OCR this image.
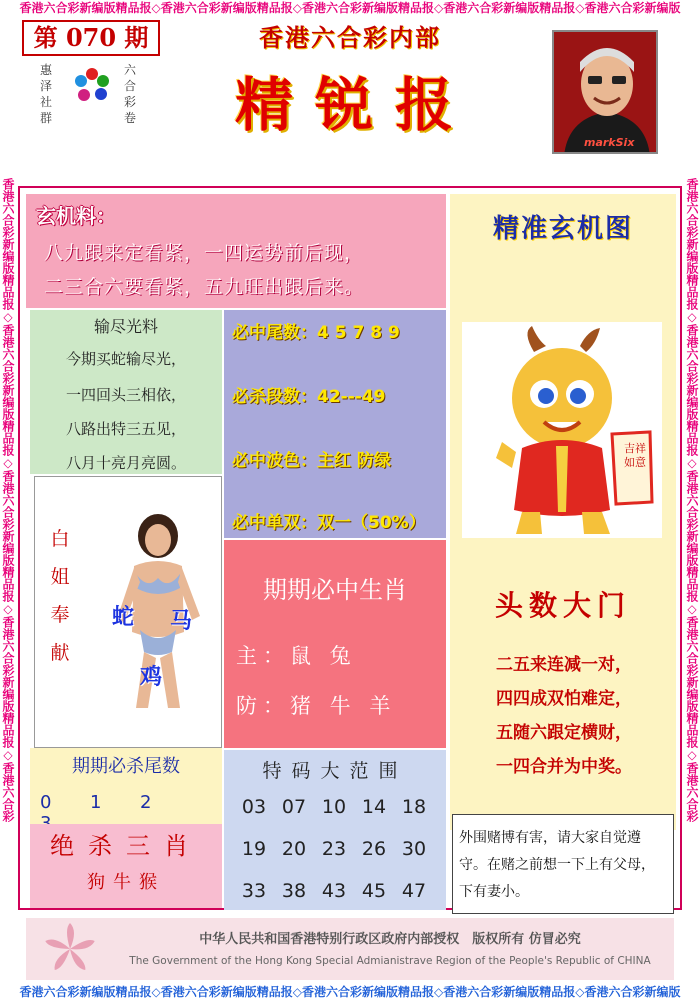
香港六合彩新编版精品报◇香港六合彩新编版精品报◇香港六合彩新编版精品报◇香港六合彩新编版精品报◇香港六合彩新编版
香港六合彩新编版精品报◇香港六合彩新编版精品报◇香港六合彩新编版精品报◇香港六合彩新编版精品报◇香港六合彩新编版
香港六合彩新编版精品报◇香港六合彩新编版精品报◇香港六合彩新编版精品报◇香港六合彩新编版精品报◇香港六合彩	香港六合彩新编版精品报◇香港六合彩新编版精品报◇香港六合彩新编版精品报◇香港六合彩新编版精品报◇香港六合彩
第 070 期
惠泽社群
六合彩卷
香港六合彩内部
精锐报
markSix
玄机料：
八九跟来定看紧，一四运势前后现，
二三合六要看紧，五九旺出跟后来。
输尽光料
今期买蛇输尽光，
一四回头三相依，
八路出特三五见，
八月十亮月亮圆。
必中尾数：4 5 7 8 9
必杀段数：42---49
必中波色：主红 防绿
必中单双：双一（50%）
白
姐
奉
献
蛇 马
鸡
期期必中生肖
主：鼠 兔
防：猪 牛 羊
精准玄机图
吉祥如意
头数大门
二五来连减一对，
四四成双怕难定，
五随六跟定横财，
一四合并为中奖。
外围赌博有害，请大家自觉遵守。在赌之前想一下上有父母，下有妻小。
期期必杀尾数
0 1 2
绝杀三肖
狗牛猴
特码大范围
03 07 10 14 18
19 20 23 26 30
33 38 43 45 47
中华人民共和国香港特别行政区政府内部授权　版权所有 仿冒必究
The Government of the Hong Kong Special Admianistrave Region of the People's Republic of CHINA
